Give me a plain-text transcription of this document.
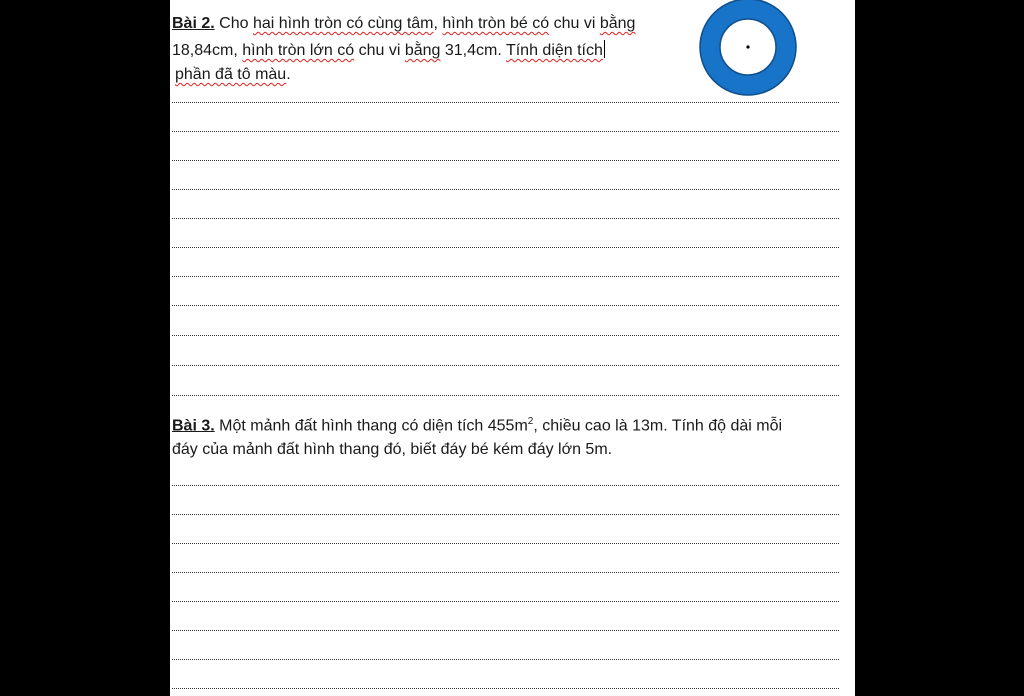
Bài 2. Cho hai hình tròn có cùng tâm, hình tròn bé có chu vi bằng
18,84cm, hình tròn lớn có chu vi bằng 31,4cm. Tính diện tích
phần đã tô màu.
Bài 3. Một mảnh đất hình thang có diện tích $455m^2$, chiều cao là 13m. Tính độ dài mỗi
đáy của mảnh đất hình thang đó, biết đáy bé kém đáy lớn 5m.
